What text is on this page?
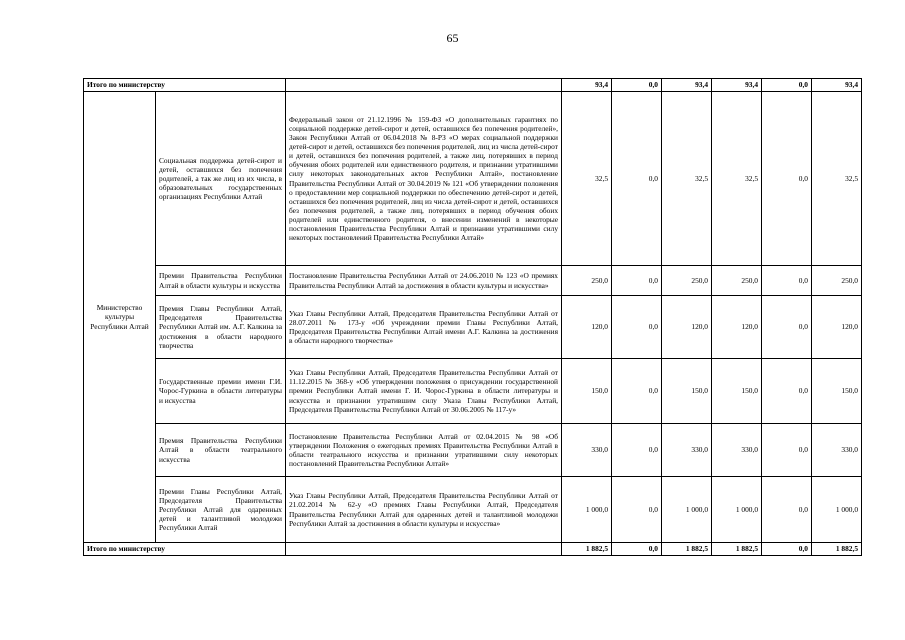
65
Итого по министерству			93,4	0,0	93,4	93,4	0,0	93,4
Министерство культуры Республики Алтай	Социальная поддержка детей-сирот и детей, оставшихся без попечения родителей, а так же лиц из их числа, в образовательных государственных организациях Республики Алтай	Федеральный закон от 21.12.1996 № 159-ФЗ «О дополнительных гарантиях по социальной поддержке детей-сирот и детей, оставшихся без попечения родителей», Закон Республики Алтай от 06.04.2018 № 8-РЗ «О мерах социальной поддержки детей-сирот и детей, оставшихся без попечения родителей, лиц из числа детей-сирот и детей, оставшихся без попечения родителей, а также лиц, потерявших в период обучения обоих родителей или единственного родителя, и признании утратившими силу некоторых законодательных актов Республики Алтай», постановление Правительства Республики Алтай от 30.04.2019 № 121 «Об утверждении положения о предоставлении мер социальной поддержки по обеспечению детей-сирот и детей, оставшихся без попечения родителей, лиц из числа детей-сирот и детей, оставшихся без попечения родителей, а также лиц, потерявших в период обучения обоих родителей или единственного родителя, о внесении изменений в некоторые постановления Правительства Республики Алтай и признании утратившими силу некоторых постановлений Правительства Республики Алтай»	32,5	0,0	32,5	32,5	0,0	32,5
	Премии Правительства Республики Алтай в области культуры и искусства	Постановление Правительства Республики Алтай от 24.06.2010 № 123 «О премиях Правительства Республики Алтай за достижения в области культуры и искусства»	250,0	0,0	250,0	250,0	0,0	250,0
	Премия Главы Республики Алтай, Председателя Правительства Республики Алтай им. А.Г. Калкина за достижения в области народного творчества	Указ Главы Республики Алтай, Председателя Правительства Республики Алтай от 28.07.2011 № 173-у «Об учреждении премии Главы Республики Алтай, Председателя Правительства Республики Алтай имени А.Г. Калкина за достижения в области народного творчества»	120,0	0,0	120,0	120,0	0,0	120,0
	Государственные премии имени Г.И. Чорос-Гуркина в области литературы и искусства	Указ Главы Республики Алтай, Председателя Правительства Республики Алтай от 11.12.2015 № 368-у «Об утверждении положения о присуждении государственной премии Республики Алтай имени Г. И. Чорос-Гуркина в области литературы и искусства и признании утратившим силу Указа Главы Республики Алтай, Председателя Правительства Республики Алтай от 30.06.2005 № 117-у»	150,0	0,0	150,0	150,0	0,0	150,0
	Премия Правительства Республики Алтай в области театрального искусства	Постановление Правительства Республики Алтай от 02.04.2015 № 98 «Об утверждении Положения о ежегодных премиях Правительства Республики Алтай в области театрального искусства и признании утратившими силу некоторых постановлений Правительства Республики Алтай»	330,0	0,0	330,0	330,0	0,0	330,0
	Премии Главы Республики Алтай, Председателя Правительства Республики Алтай для одаренных детей и талантливой молодежи Республики Алтай	Указ Главы Республики Алтай, Председателя Правительства Республики Алтай от 21.02.2014 № 62-у «О премиях Главы Республики Алтай, Председателя Правительства Республики Алтай для одаренных детей и талантливой молодежи Республики Алтай за достижения в области культуры и искусства»	1 000,0	0,0	1 000,0	1 000,0	0,0	1 000,0
Итого по министерству			1 882,5	0,0	1 882,5	1 882,5	0,0	1 882,5
